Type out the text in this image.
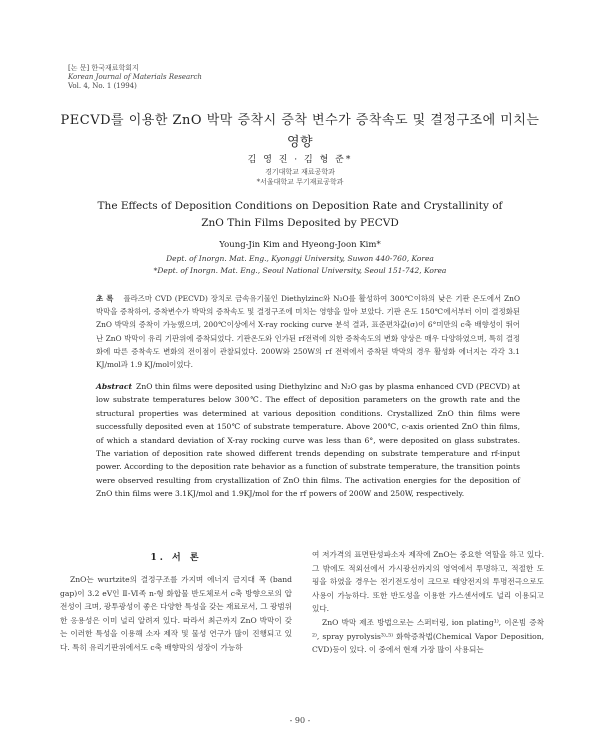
[논 문] 한국재료학회지
Korean Journal of Materials Research
Vol. 4, No. 1 (1994)
PECVD를 이용한 ZnO 박막 증착시 증착 변수가 증착속도 및 결정구조에 미치는 영향
김 영 진 · 김 형 준*
경기대학교 재료공학과
*서울대학교 무기재료공학과
The Effects of Deposition Conditions on Deposition Rate and Crystallinity of ZnO Thin Films Deposited by PECVD
Young-Jin Kim and Hyeong-Joon Kim*
Dept. of Inorgn. Mat. Eng., Kyonggi University, Suwon 440-760, Korea
*Dept. of Inorgn. Mat. Eng., Seoul National University, Seoul 151-742, Korea
초 록 플라즈마 CVD (PECVD) 장치로 금속유기물인 Diethylzinc와 N₂O를 활성하여 300℃이하의 낮은 기판 온도에서 ZnO 박막을 증착하여, 증착변수가 박막의 증착속도 및 결정구조에 미치는 영향을 알아 보았다. 기판 온도 150℃에서부터 이미 결정화된 ZnO 박막의 증착이 가능했으며, 200℃이상에서 X-ray rocking curve 분석 결과, 표준편차값(σ)이 6°미만의 c축 배향성이 뛰어난 ZnO 박막이 유리 기판위에 증착되었다. 기판온도와 인가된 rf전력에 의한 증착속도의 변화 양상은 매우 다양하였으며, 특히 결정화에 따른 증착속도 변화의 전이점이 관찰되었다. 200W와 250W의 rf 전력에서 증착된 박막의 경우 활성화 에너지는 각각 3.1 KJ/mol과 1.9 KJ/mol이었다.
Abstract ZnO thin films were deposited using Diethylzinc and N₂O gas by plasma enhanced CVD (PECVD) at low substrate temperatures below 300℃. The effect of deposition parameters on the growth rate and the structural properties was determined at various deposition conditions. Crystallized ZnO thin films were successfully deposited even at 150℃ of substrate temperature. Above 200℃, c-axis oriented ZnO thin films, of which a standard deviation of X-ray rocking curve was less than 6°, were deposited on glass substrates. The variation of deposition rate showed different trends depending on substrate temperature and rf-input power. According to the deposition rate behavior as a function of substrate temperature, the transition points were observed resulting from crystallization of ZnO thin films. The activation energies for the deposition of ZnO thin films were 3.1KJ/mol and 1.9KJ/mol for the rf powers of 200W and 250W, respectively.
1. 서 론

ZnO는 wurtzite의 결정구조를 가지며 에너지 금지대 폭 (band gap)이 3.2 eV인 Ⅱ-Ⅵ족 n-형 화합물 반도체로서 c축 방향으로의 압전성이 크며, 광투광성이 좋은 다양한 특성을 갖는 재료로서, 그 광범위한 응용성은 이미 널리 알려져 있다. 따라서 최근까지 ZnO 박막이 갖는 이러한 특성을 이용해 소자 제작 및 물성 연구가 많이 진행되고 있다. 특히 유리기판위에서도 c축 배향막의 성장이 가능하

여 저가격의 표면탄성파소자 제작에 ZnO는 중요한 역할을 하고 있다. 그 밖에도 적외선에서 가시광선까지의 영역에서 투명하고, 적절한 도핑을 하였을 경우는 전기전도성이 크므로 태양전지의 투명전극으로도 사용이 가능하다. 또한 반도성을 이용한 가스센서에도 널리 이용되고 있다.

ZnO 박막 제조 방법으로는 스퍼터링, ion plating¹⁾, 이온빔 증착²⁾, spray pyrolysis³⁾·⁵⁾ 화학증착법(Chemical Vapor Deposition, CVD)등이 있다. 이 중에서 현재 가장 많이 사용되는

- 90 -
